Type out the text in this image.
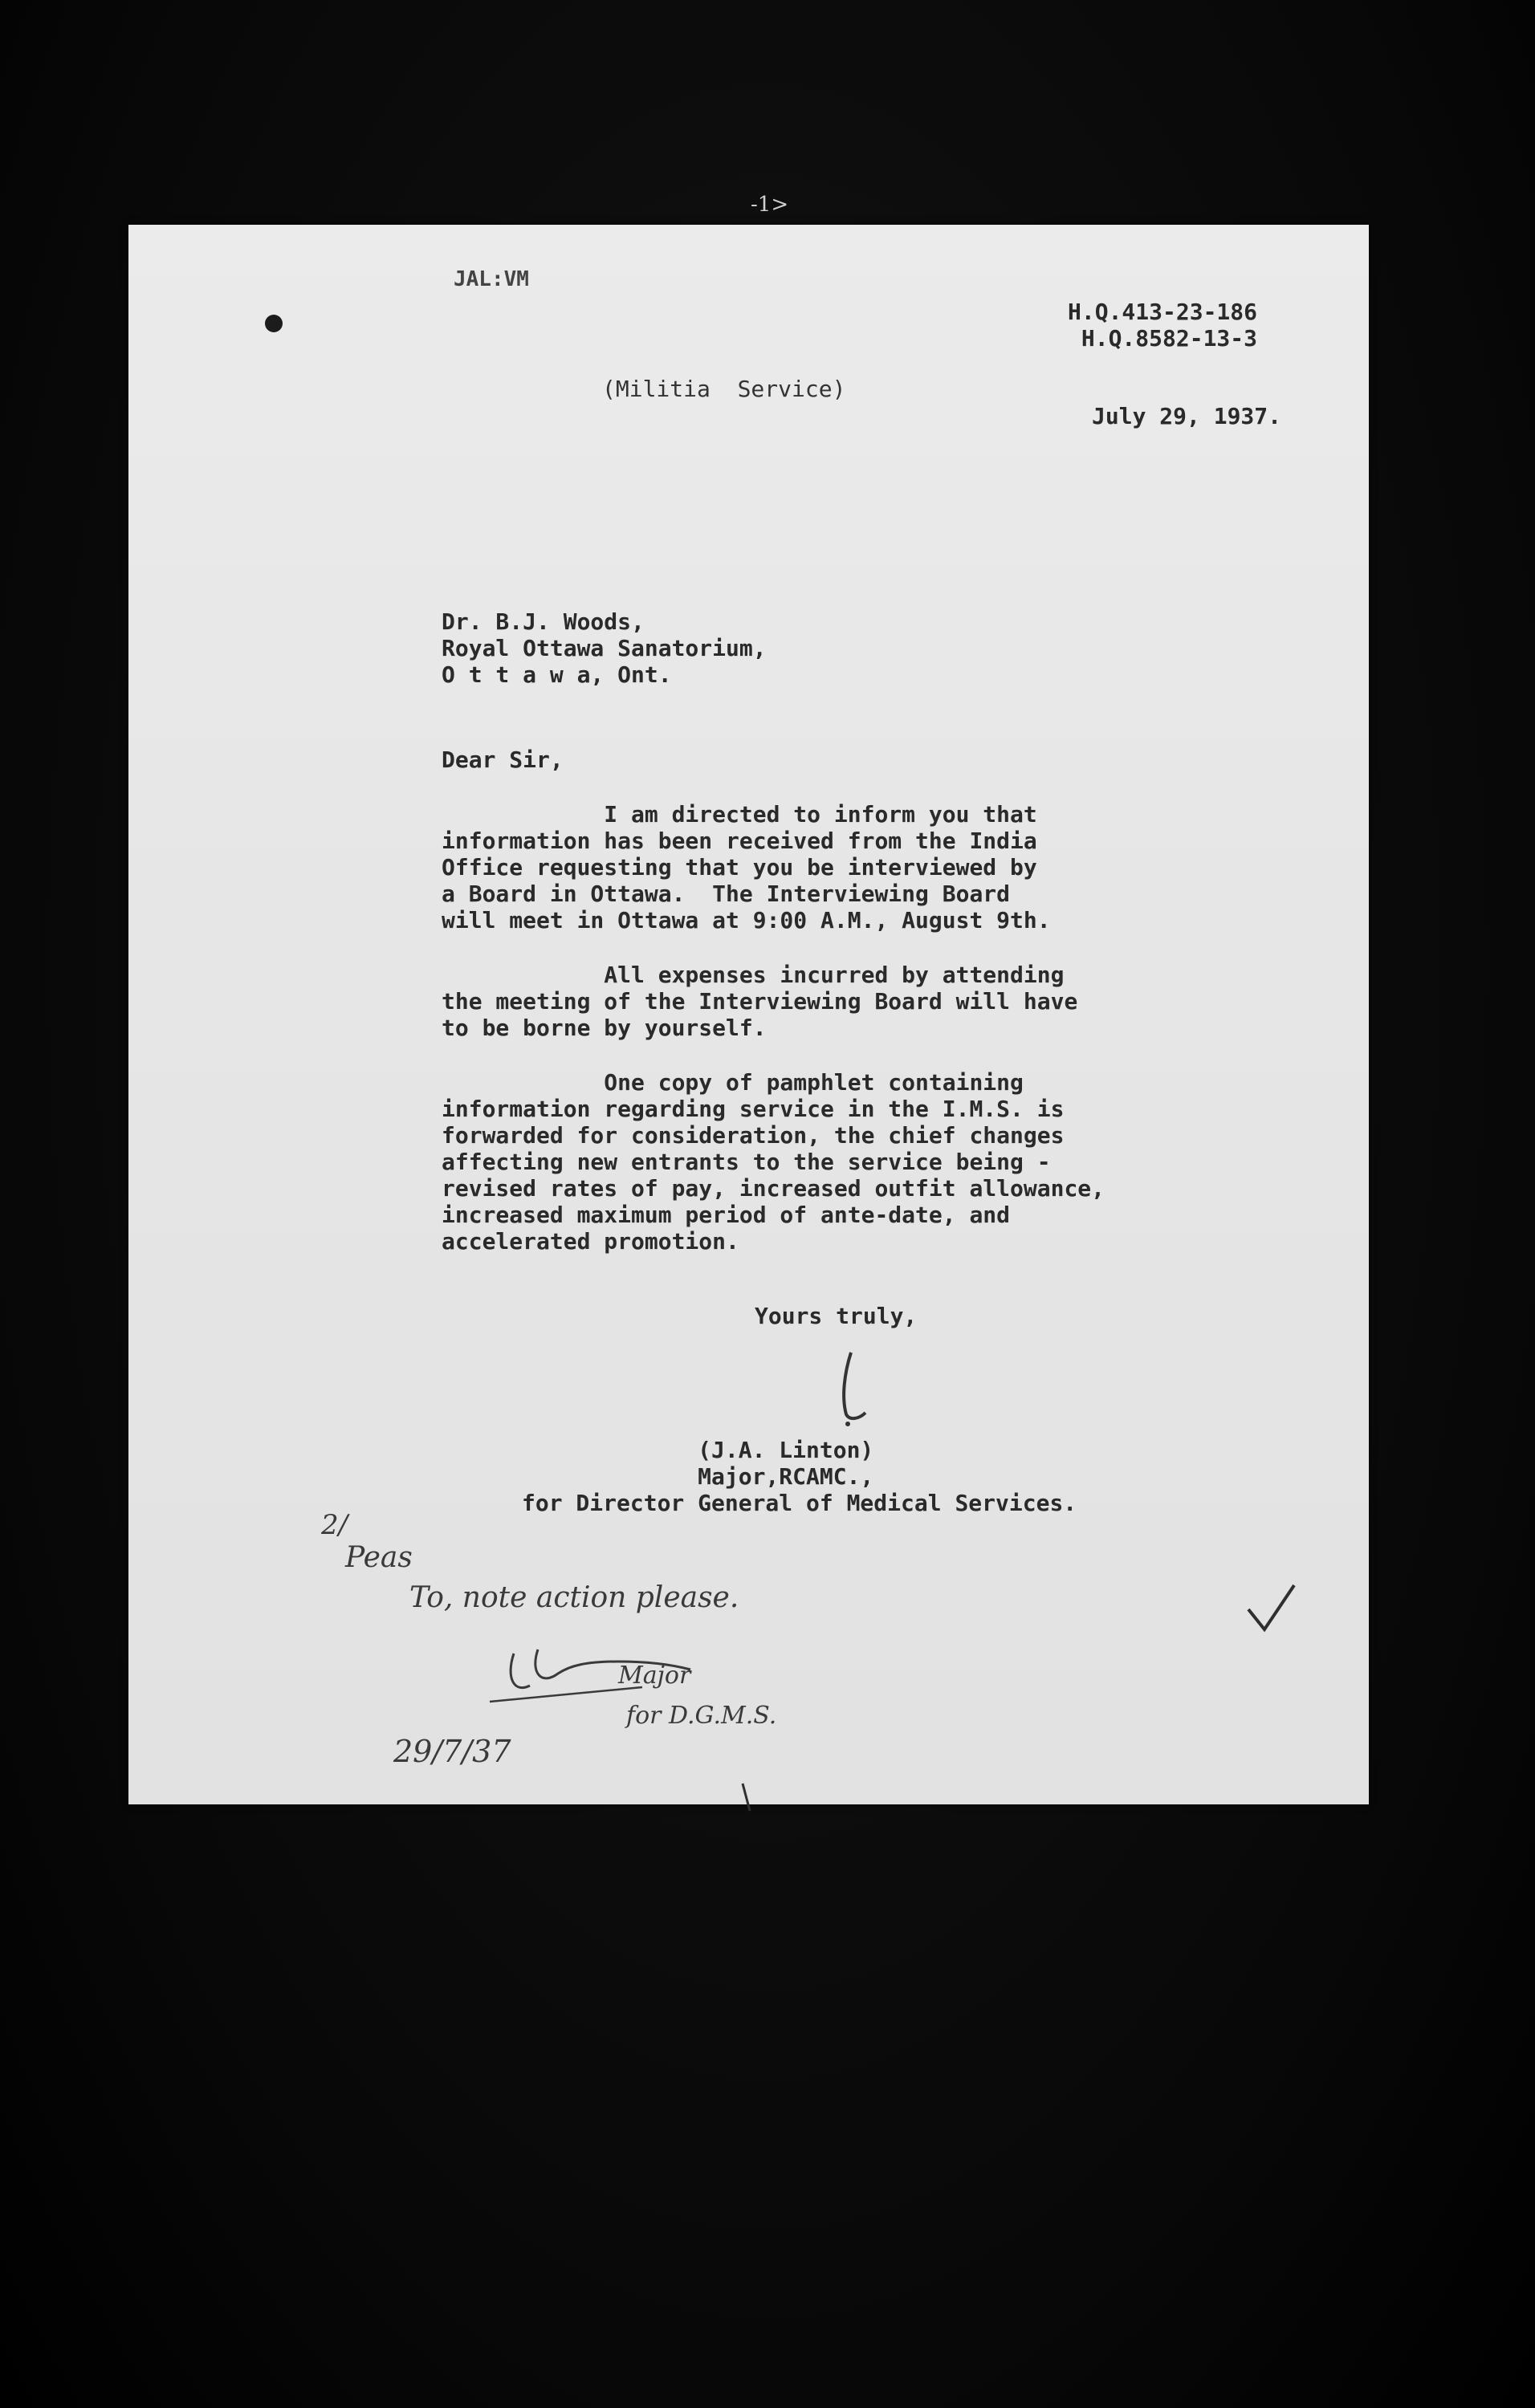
-1>
JAL:VM
H.Q.413-23-186
H.Q.8582-13-3
(Militia  Service)
July 29, 1937.
Dr. B.J. Woods,
Royal Ottawa Sanatorium,
O t t a w a, Ont.
Dear Sir,
I am directed to inform you that
information has been received from the India
Office requesting that you be interviewed by
a Board in Ottawa.  The Interviewing Board
will meet in Ottawa at 9:00 A.M., August 9th.
All expenses incurred by attending
the meeting of the Interviewing Board will have
to be borne by yourself.
One copy of pamphlet containing
information regarding service in the I.M.S. is
forwarded for consideration, the chief changes
affecting new entrants to the service being -
revised rates of pay, increased outfit allowance,
increased maximum period of ante-date, and
accelerated promotion.
Yours truly,
(J.A. Linton)
Major,RCAMC.,
for Director General of Medical Services.
2/
Peas
To, note action please.
Major
for D.G.M.S.
29/7/37
